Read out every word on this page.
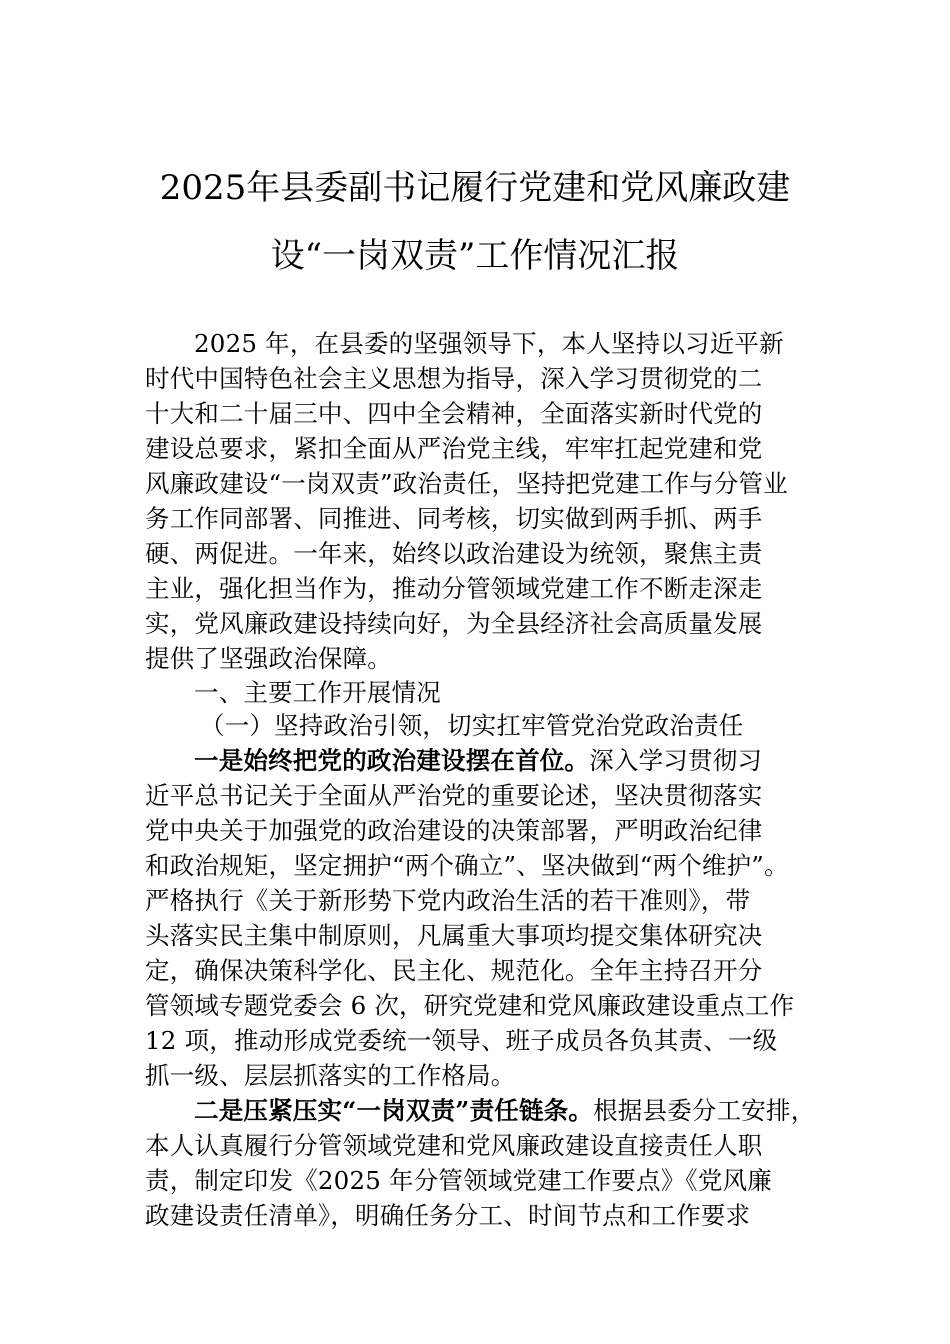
2025年县委副书记履行党建和党风廉政建
设“一岗双责”工作情况汇报
2025 年，在县委的坚强领导下，本人坚持以习近平新
时代中国特色社会主义思想为指导，深入学习贯彻党的二
十大和二十届三中、四中全会精神，全面落实新时代党的
建设总要求，紧扣全面从严治党主线，牢牢扛起党建和党
风廉政建设“一岗双责”政治责任，坚持把党建工作与分管业
务工作同部署、同推进、同考核，切实做到两手抓、两手
硬、两促进。一年来，始终以政治建设为统领，聚焦主责
主业，强化担当作为，推动分管领域党建工作不断走深走
实，党风廉政建设持续向好，为全县经济社会高质量发展
提供了坚强政治保障。
一、主要工作开展情况
（一）坚持政治引领，切实扛牢管党治党政治责任
一是始终把党的政治建设摆在首位。深入学习贯彻习
近平总书记关于全面从严治党的重要论述，坚决贯彻落实
党中央关于加强党的政治建设的决策部署，严明政治纪律
和政治规矩，坚定拥护“两个确立”、坚决做到“两个维护”。
严格执行《关于新形势下党内政治生活的若干准则》，带
头落实民主集中制原则，凡属重大事项均提交集体研究决
定，确保决策科学化、民主化、规范化。全年主持召开分
管领域专题党委会 6 次，研究党建和党风廉政建设重点工作
12 项，推动形成党委统一领导、班子成员各负其责、一级
抓一级、层层抓落实的工作格局。
二是压紧压实“一岗双责”责任链条。根据县委分工安排，
本人认真履行分管领域党建和党风廉政建设直接责任人职
责，制定印发《2025 年分管领域党建工作要点》《党风廉
政建设责任清单》，明确任务分工、时间节点和工作要求
